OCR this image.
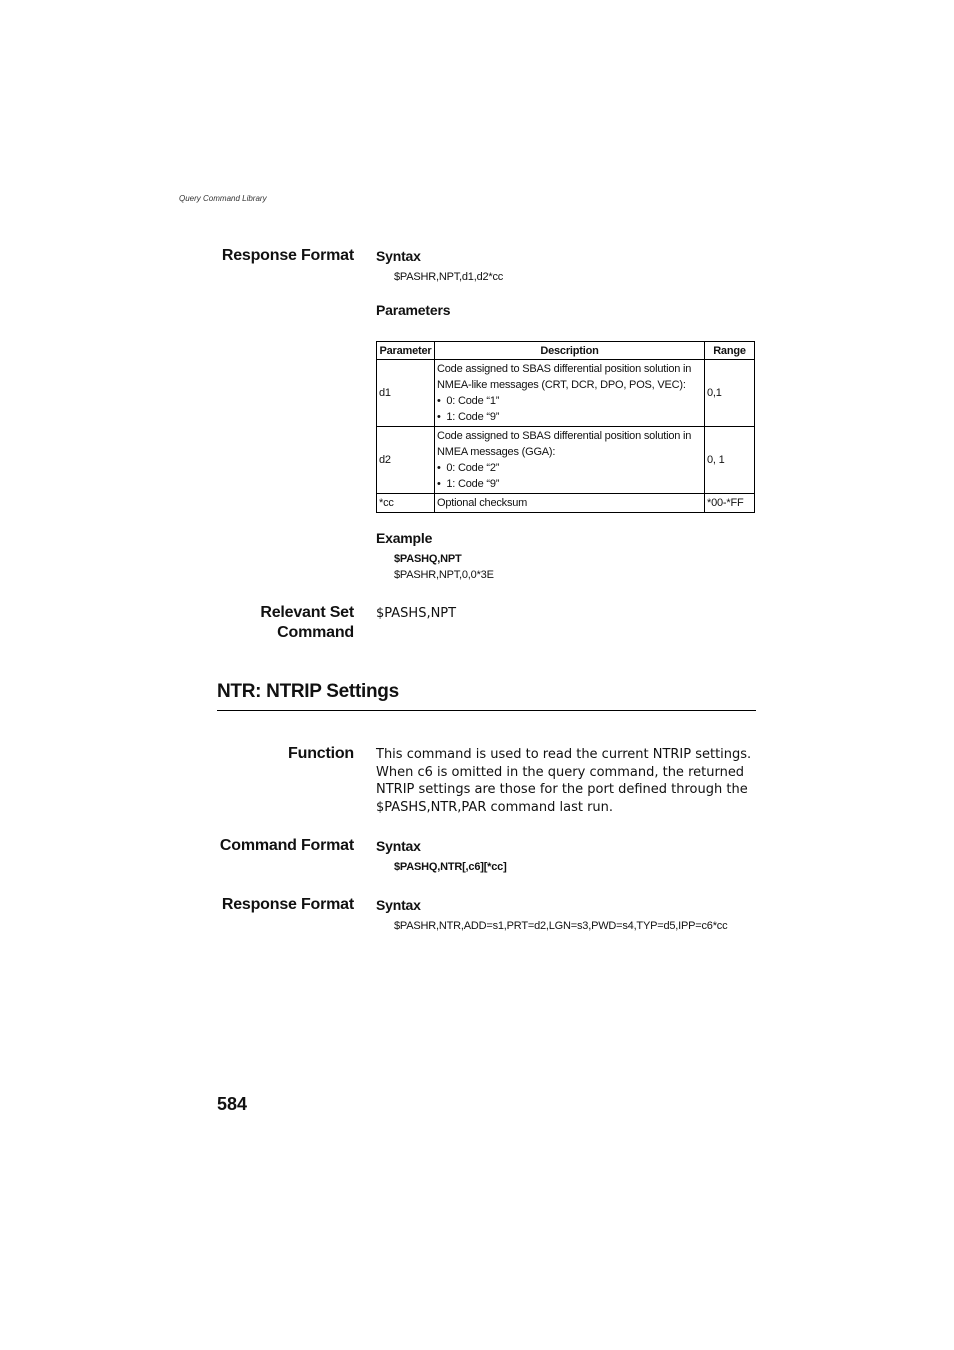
Query Command Library
Response Format Syntax
$PASHR,NPT,d1,d2*cc
Parameters
Parameter	Description	Range
d1	Code assigned to SBAS differential position solution in
NMEA-like messages (CRT, DCR, DPO, POS, VEC):
•  0: Code “1”
•  1: Code “9”	0,1
d2	Code assigned to SBAS differential position solution in
NMEA messages (GGA):
•  0: Code “2”
•  1: Code “9”	0, 1
*cc	Optional checksum	*00-*FF
Example
$PASHQ,NPT
$PASHR,NPT,0,0*3E
Relevant Set
Command
$PASHS,NPT
NTR: NTRIP Settings
Function This command is used to read the current NTRIP settings. When c6 is omitted in the query command, the returned NTRIP settings are those for the port defined through the $PASHS,NTR,PAR command last run.
Command Format Syntax
$PASHQ,NTR[,c6][*cc]
Response Format Syntax
$PASHR,NTR,ADD=s1,PRT=d2,LGN=s3,PWD=s4,TYP=d5,IPP=c6*cc
584
